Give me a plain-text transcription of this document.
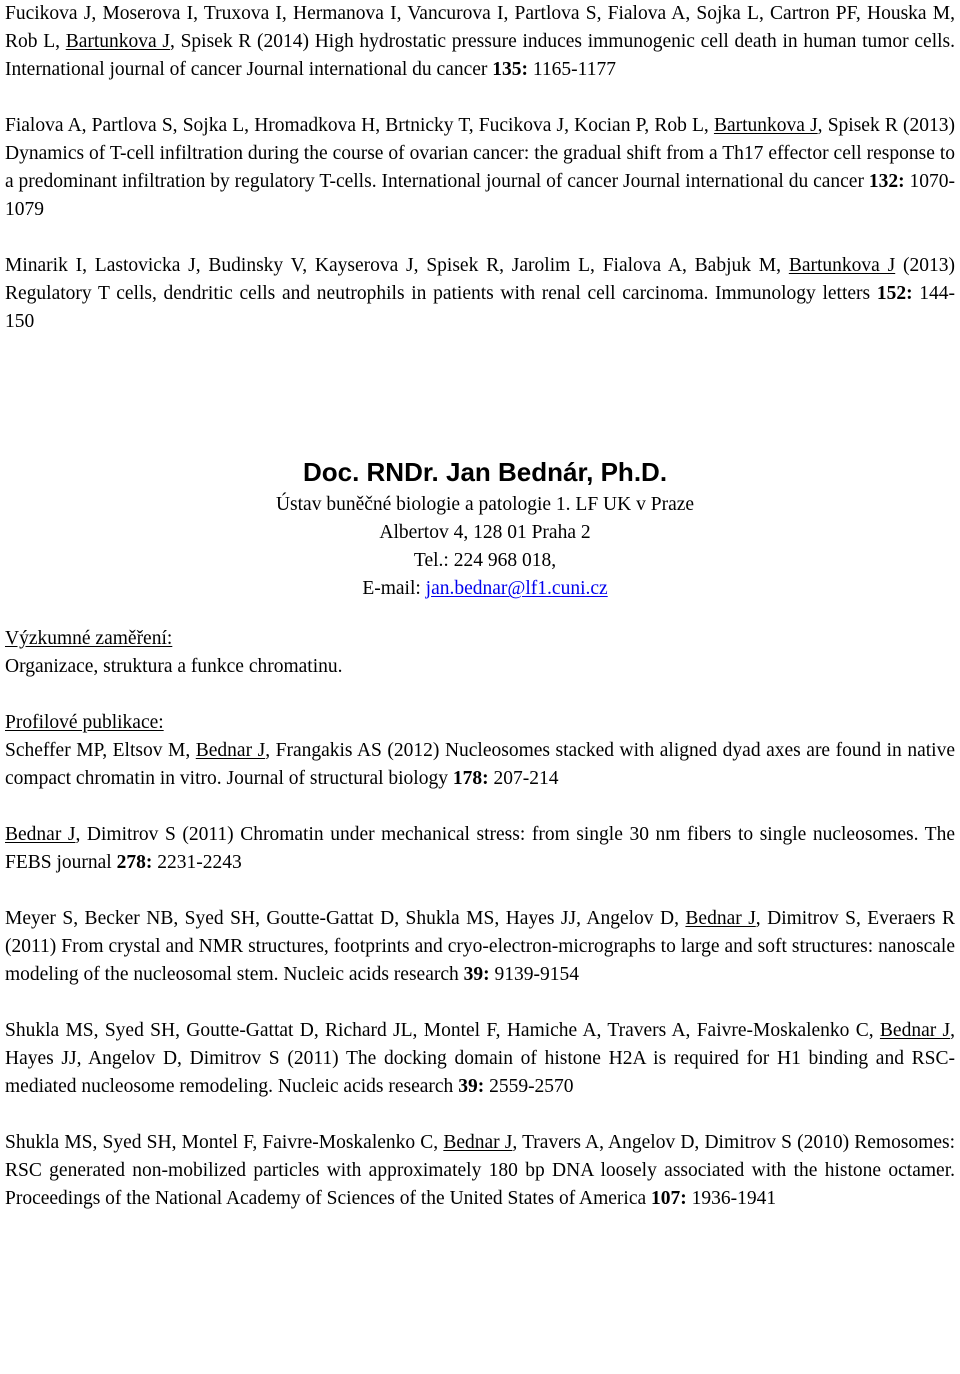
Fucikova J, Moserova I, Truxova I, Hermanova I, Vancurova I, Partlova S, Fialova A, Sojka L, Cartron PF, Houska M, Rob L, Bartunkova J, Spisek R (2014) High hydrostatic pressure induces immunogenic cell death in human tumor cells. International journal of cancer Journal international du cancer 135: 1165-1177

Fialova A, Partlova S, Sojka L, Hromadkova H, Brtnicky T, Fucikova J, Kocian P, Rob L, Bartunkova J, Spisek R (2013) Dynamics of T-cell infiltration during the course of ovarian cancer: the gradual shift from a Th17 effector cell response to a predominant infiltration by regulatory T-cells. International journal of cancer Journal international du cancer 132: 1070-1079

Minarik I, Lastovicka J, Budinsky V, Kayserova J, Spisek R, Jarolim L, Fialova A, Babjuk M, Bartunkova J (2013) Regulatory T cells, dendritic cells and neutrophils in patients with renal cell carcinoma. Immunology letters 152: 144-150

Doc. RNDr. Jan Bednár, Ph.D.
Ústav buněčné biologie a patologie 1. LF UK v Praze
Albertov 4, 128 01 Praha 2
Tel.: 224 968 018,
E-mail: jan.bednar@lf1.cuni.cz
Výzkumné zaměření:

Organizace, struktura a funkce chromatinu.

Profilové publikace:

Scheffer MP, Eltsov M, Bednar J, Frangakis AS (2012) Nucleosomes stacked with aligned dyad axes are found in native compact chromatin in vitro. Journal of structural biology 178: 207-214

Bednar J, Dimitrov S (2011) Chromatin under mechanical stress: from single 30 nm fibers to single nucleosomes. The FEBS journal 278: 2231-2243

Meyer S, Becker NB, Syed SH, Goutte-Gattat D, Shukla MS, Hayes JJ, Angelov D, Bednar J, Dimitrov S, Everaers R (2011) From crystal and NMR structures, footprints and cryo-electron-micrographs to large and soft structures: nanoscale modeling of the nucleosomal stem. Nucleic acids research 39: 9139-9154

Shukla MS, Syed SH, Goutte-Gattat D, Richard JL, Montel F, Hamiche A, Travers A, Faivre-Moskalenko C, Bednar J, Hayes JJ, Angelov D, Dimitrov S (2011) The docking domain of histone H2A is required for H1 binding and RSC-mediated nucleosome remodeling. Nucleic acids research 39: 2559-2570

Shukla MS, Syed SH, Montel F, Faivre-Moskalenko C, Bednar J, Travers A, Angelov D, Dimitrov S (2010) Remosomes: RSC generated non-mobilized particles with approximately 180 bp DNA loosely associated with the histone octamer. Proceedings of the National Academy of Sciences of the United States of America 107: 1936-1941
